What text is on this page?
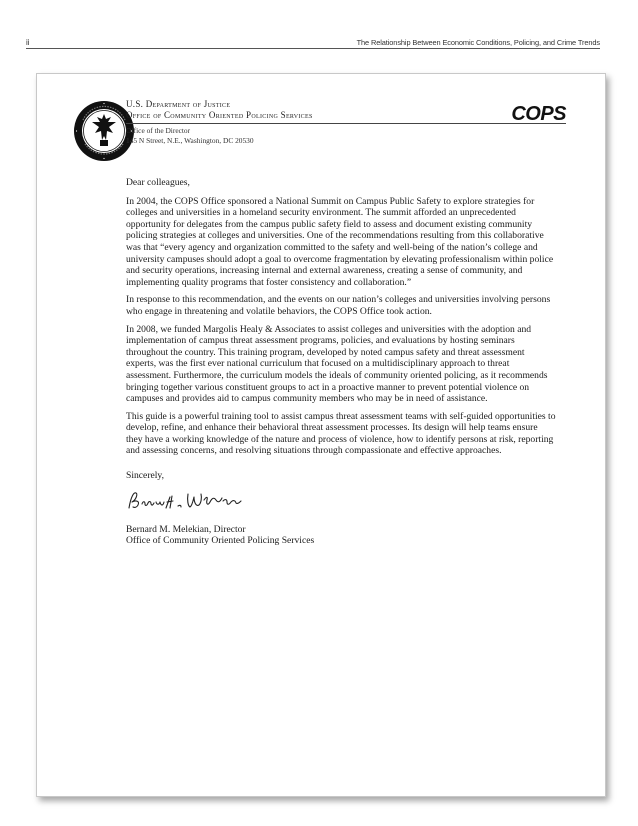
ii	The Relationship Between Economic Conditions, Policing, and Crime Trends
U.S. Department of Justice
Office of Community Oriented Policing Services
Office of the Director
145 N Street, N.E., Washington, DC 20530
COPS

Dear colleagues,

In 2004, the COPS Office sponsored a National Summit on Campus Public Safety to explore strategies for colleges and universities in a homeland security environment. The summit afforded an unprecedented opportunity for delegates from the campus public safety field to assess and document existing community policing strategies at colleges and universities. One of the recommendations resulting from this collaborative was that “every agency and organization committed to the safety and well-being of the nation’s college and university campuses should adopt a goal to overcome fragmentation by elevating professionalism within police and security operations, increasing internal and external awareness, creating a sense of community, and implementing quality programs that foster consistency and collaboration.”

In response to this recommendation, and the events on our nation’s colleges and universities involving persons who engage in threatening and volatile behaviors, the COPS Office took action.

In 2008, we funded Margolis Healy & Associates to assist colleges and universities with the adoption and implementation of campus threat assessment programs, policies, and evaluations by hosting seminars throughout the country. This training program, developed by noted campus safety and threat assessment experts, was the first ever national curriculum that focused on a multidisciplinary approach to threat assessment. Furthermore, the curriculum models the ideals of community oriented policing, as it recommends bringing together various constituent groups to act in a proactive manner to prevent potential violence on campuses and provides aid to campus community members who may be in need of assistance.

This guide is a powerful training tool to assist campus threat assessment teams with self-guided opportunities to develop, refine, and enhance their behavioral threat assessment processes. Its design will help teams ensure they have a working knowledge of the nature and process of violence, how to identify persons at risk, reporting and assessing concerns, and resolving situations through compassionate and effective approaches.

Sincerely,

Bernard M. Melekian, Director

Office of Community Oriented Policing Services
